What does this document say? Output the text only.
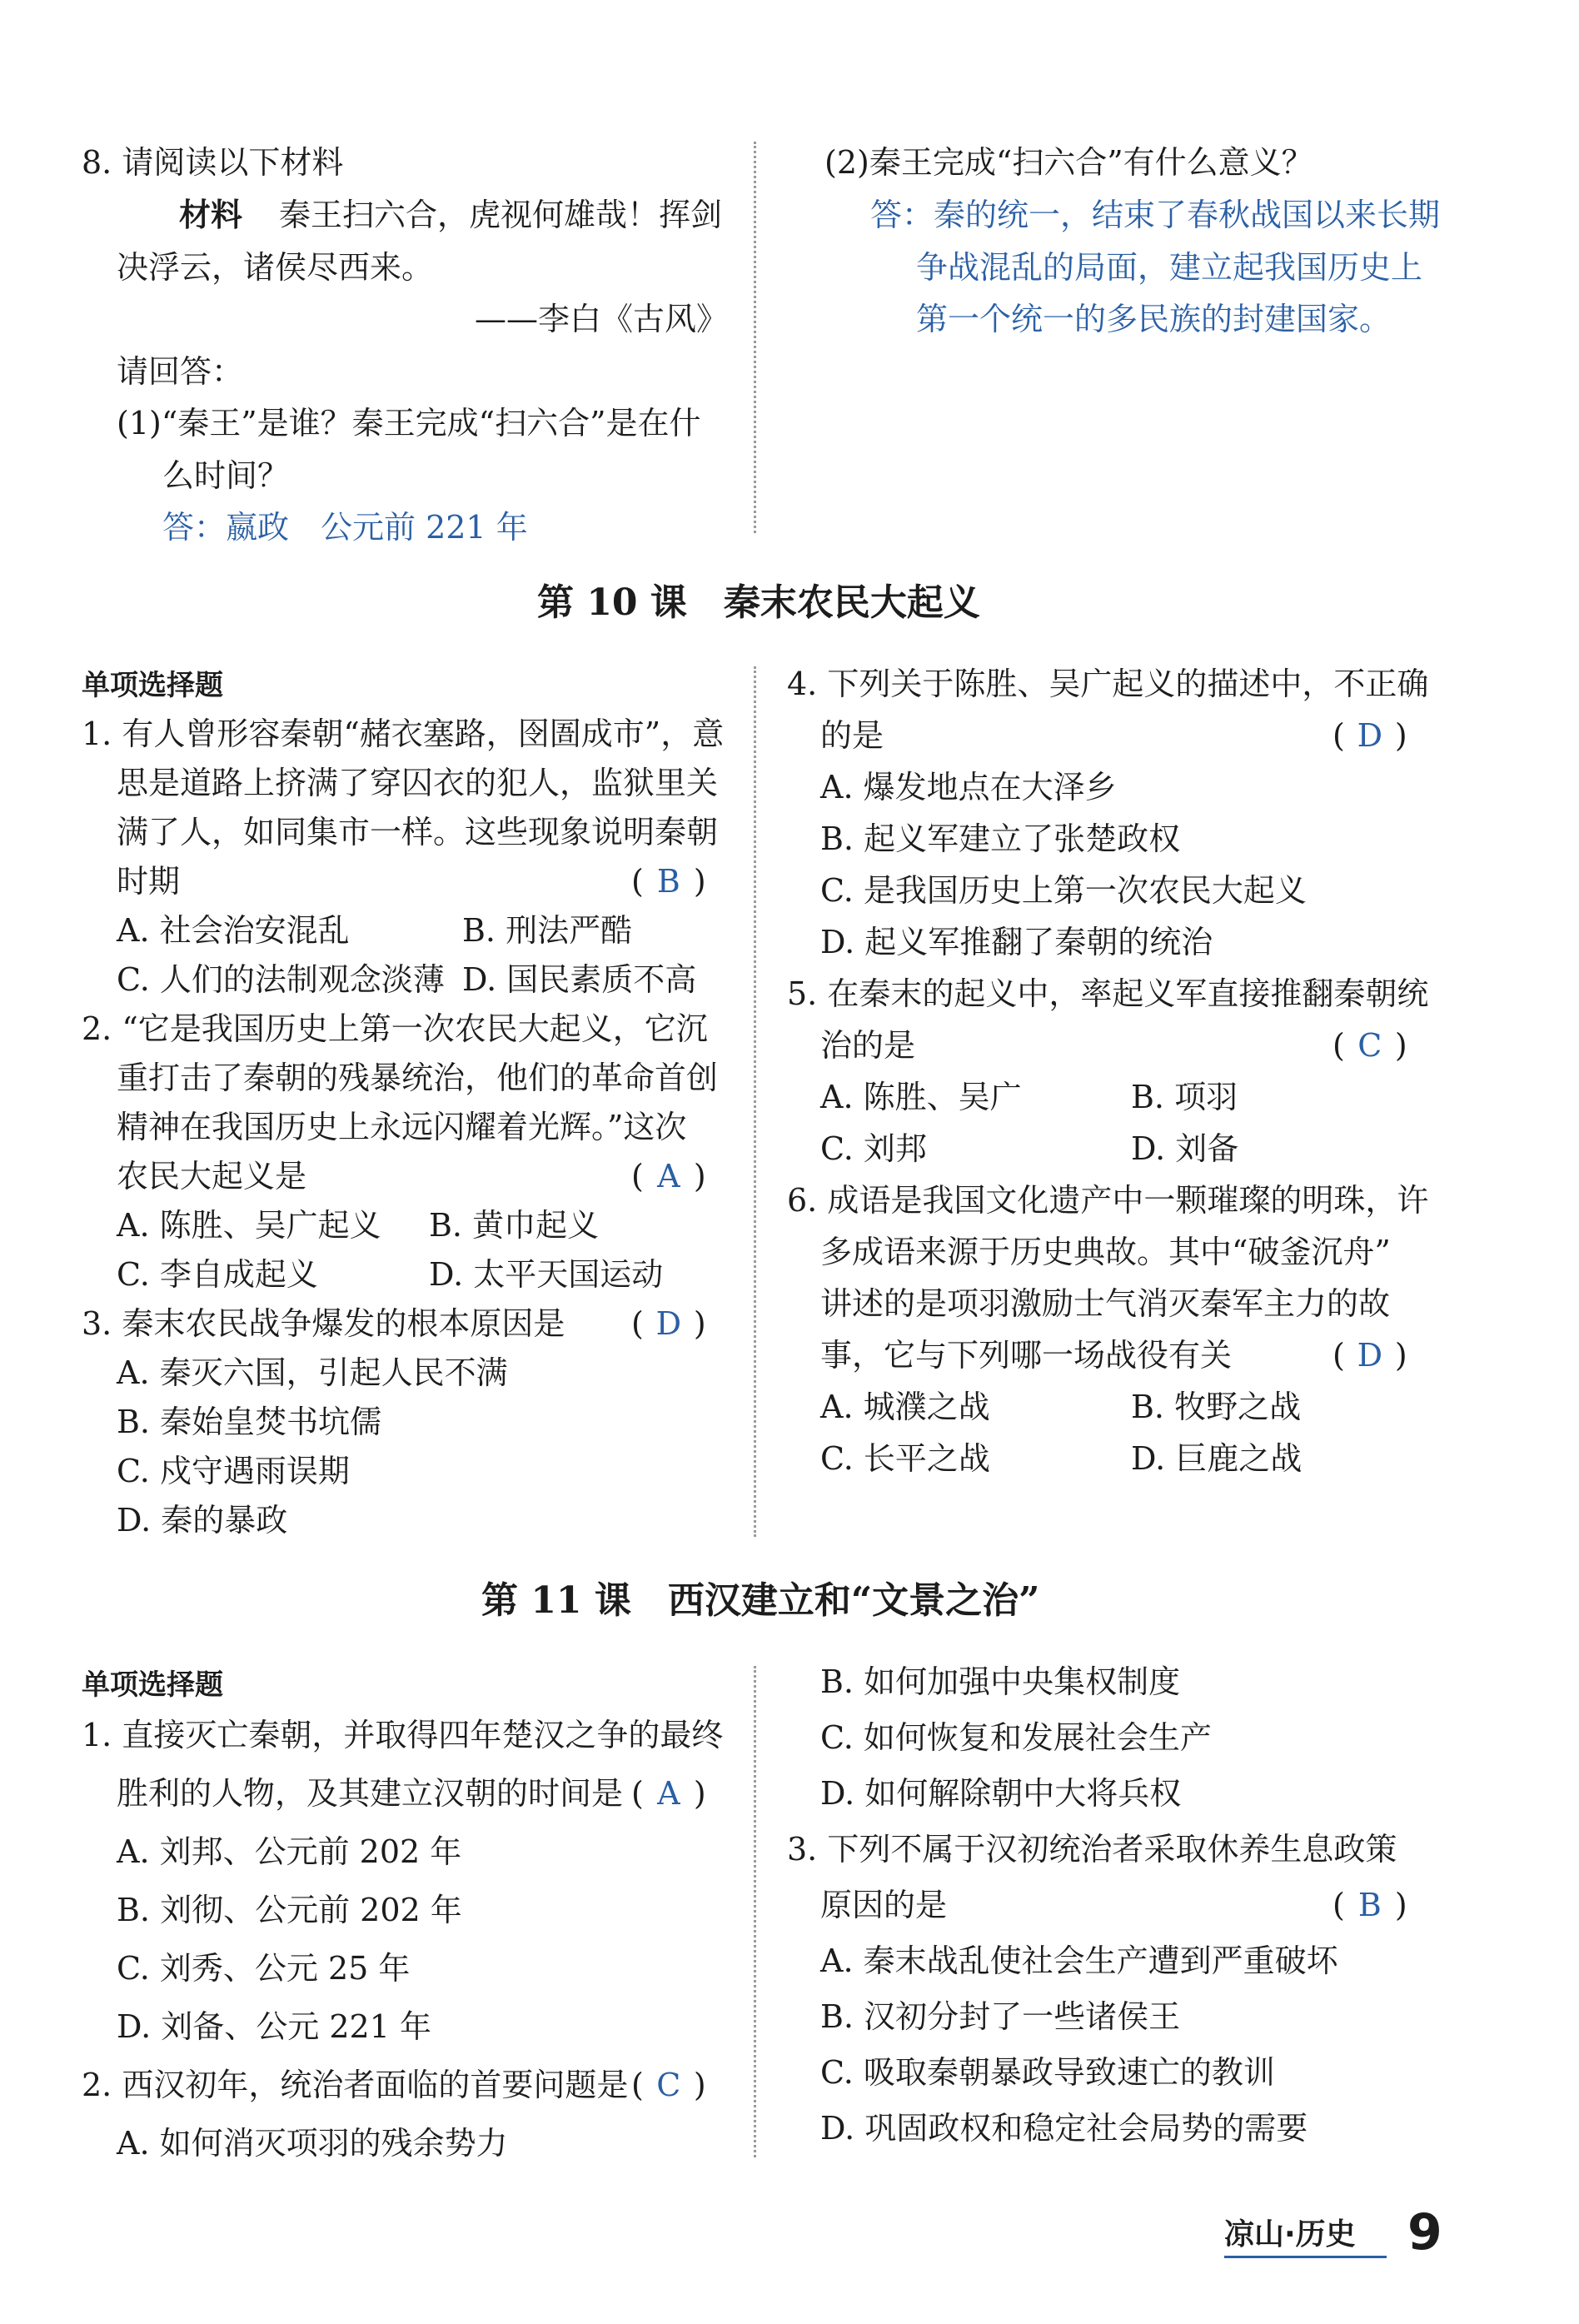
8. 请阅读以下材料
材料 秦王扫六合，虎视何雄哉！挥剑
决浮云，诸侯尽西来。
——李白《古风》
请回答：
(1)“秦王”是谁？秦王完成“扫六合”是在什
么时间？
答：嬴政　公元前 221 年
(2)秦王完成“扫六合”有什么意义？
答：秦的统一，结束了春秋战国以来长期
争战混乱的局面，建立起我国历史上
第一个统一的多民族的封建国家。
第 10 课　秦末农民大起义
单项选择题
1. 有人曾形容秦朝“赭衣塞路，囹圄成市”，意
思是道路上挤满了穿囚衣的犯人，监狱里关
满了人，如同集市一样。这些现象说明秦朝
时期	( B )
A. 社会治安混乱	B. 刑法严酷
C. 人们的法制观念淡薄 D. 国民素质不高
2. “它是我国历史上第一次农民大起义，它沉
重打击了秦朝的残暴统治，他们的革命首创
精神在我国历史上永远闪耀着光辉。”这次
农民大起义是	( A )
A. 陈胜、吴广起义 B. 黄巾起义
C. 李自成起义	D. 太平天国运动
3. 秦末农民战争爆发的根本原因是 ( D )
A. 秦灭六国，引起人民不满
B. 秦始皇焚书坑儒
C. 戍守遇雨误期
D. 秦的暴政
4. 下列关于陈胜、吴广起义的描述中，不正确
的是	( D )
A. 爆发地点在大泽乡
B. 起义军建立了张楚政权
C. 是我国历史上第一次农民大起义
D. 起义军推翻了秦朝的统治
5. 在秦末的起义中，率起义军直接推翻秦朝统
治的是	( C )
A. 陈胜、吴广	B. 项羽
C. 刘邦	D. 刘备
6. 成语是我国文化遗产中一颗璀璨的明珠，许
多成语来源于历史典故。其中“破釜沉舟”
讲述的是项羽激励士气消灭秦军主力的故
事，它与下列哪一场战役有关	( D )
A. 城濮之战	B. 牧野之战
C. 长平之战	D. 巨鹿之战
第 11 课　西汉建立和“文景之治”
单项选择题
1. 直接灭亡秦朝，并取得四年楚汉之争的最终
胜利的人物，及其建立汉朝的时间是 ( A )
A. 刘邦、公元前 202 年
B. 刘彻、公元前 202 年
C. 刘秀、公元 25 年
D. 刘备、公元 221 年
2. 西汉初年，统治者面临的首要问题是 ( C )
A. 如何消灭项羽的残余势力
B. 如何加强中央集权制度
C. 如何恢复和发展社会生产
D. 如何解除朝中大将兵权
3. 下列不属于汉初统治者采取休养生息政策
原因的是	( B )
A. 秦末战乱使社会生产遭到严重破坏
B. 汉初分封了一些诸侯王
C. 吸取秦朝暴政导致速亡的教训
D. 巩固政权和稳定社会局势的需要
凉山·历史 9
